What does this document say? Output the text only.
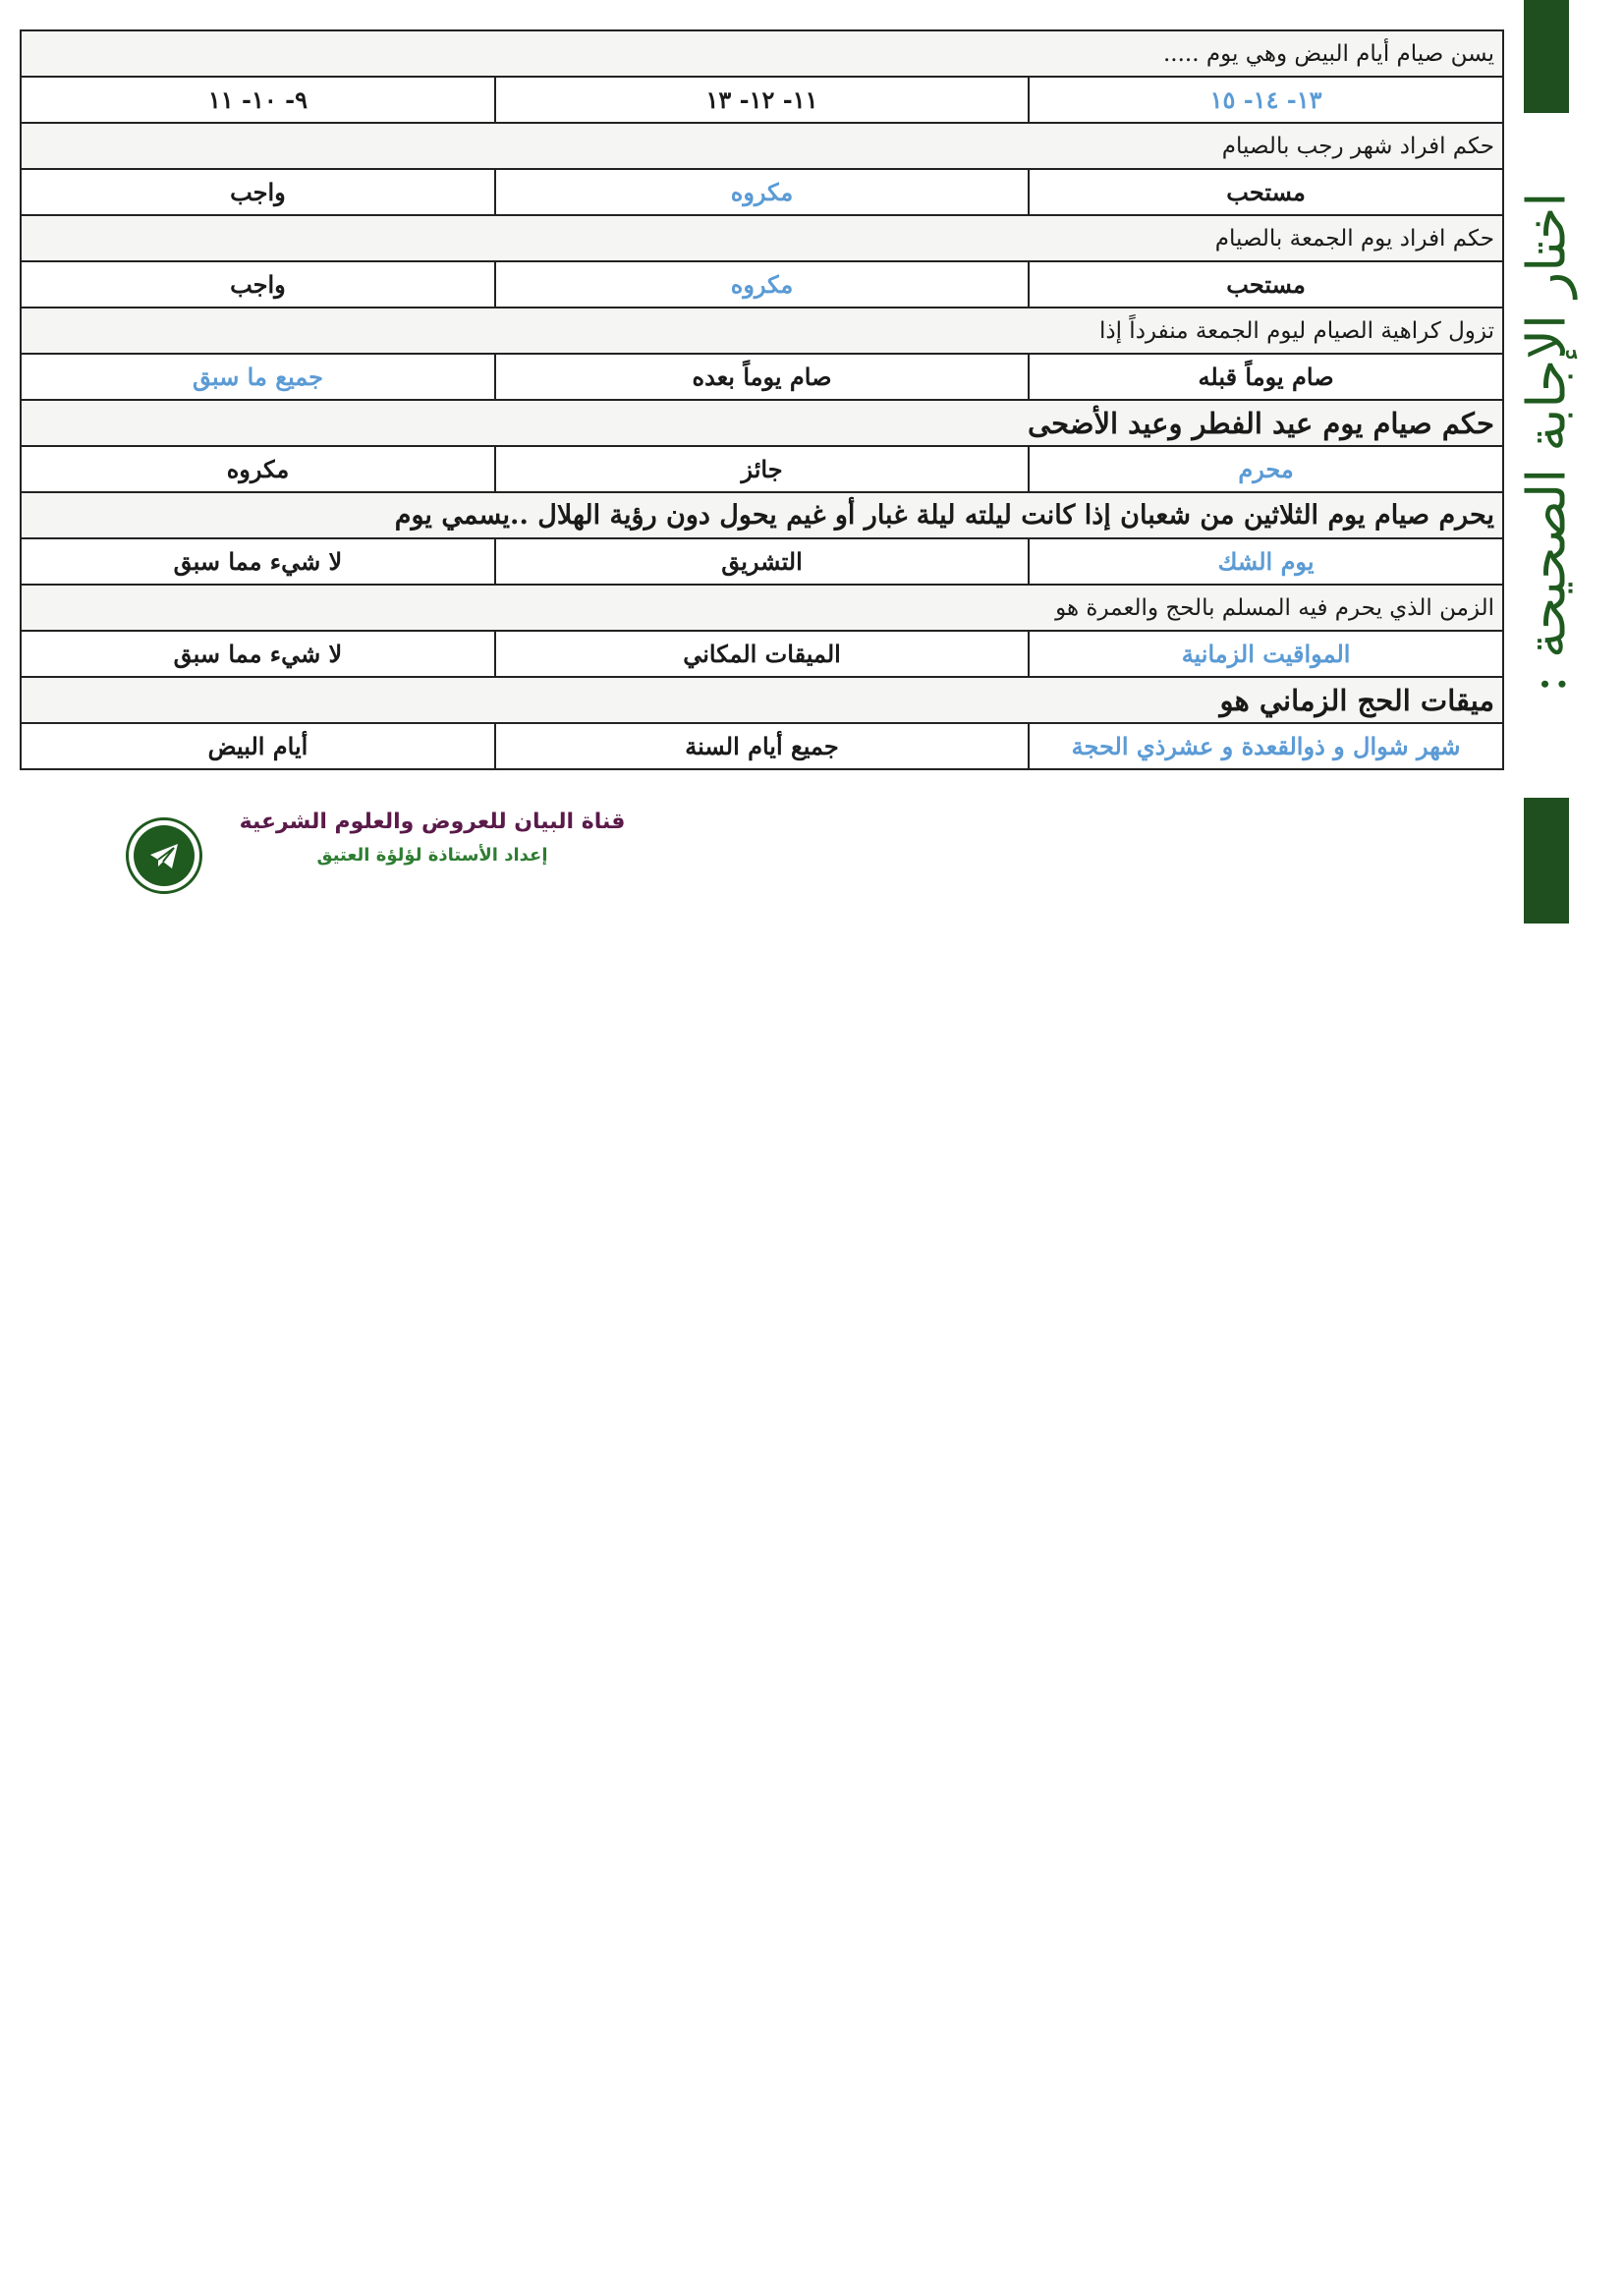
اختار الإجابة الصحيحة :
يسن صيام أيام البيض وهي يوم .....		
١٣- ١٤- ١٥	١١- ١٢- ١٣	٩- ١٠- ١١
حكم افراد شهر رجب بالصيام		
مستحب	مكروه	واجب
حكم افراد يوم الجمعة بالصيام		
مستحب	مكروه	واجب
تزول كراهية الصيام ليوم الجمعة منفرداً إذا		
صام يوماً قبله	صام يوماً بعده	جميع ما سبق
حكم صيام يوم عيد الفطر وعيد الأضحى		
محرم	جائز	مكروه
يحرم صيام يوم الثلاثين من شعبان إذا كانت ليلته ليلة غبار أو غيم يحول دون رؤية الهلال ..يسمي يوم		
يوم الشك	التشريق	لا شيء مما سبق
الزمن الذي يحرم فيه المسلم بالحج والعمرة هو		
المواقيت الزمانية	الميقات المكاني	لا شيء مما سبق
ميقات الحج الزماني هو		
شهر شوال و ذوالقعدة و عشرذي الحجة	جميع أيام السنة	أيام البيض
قناة البيان للعروض والعلوم الشرعية
إعداد الأستاذة لؤلؤة العتيق
